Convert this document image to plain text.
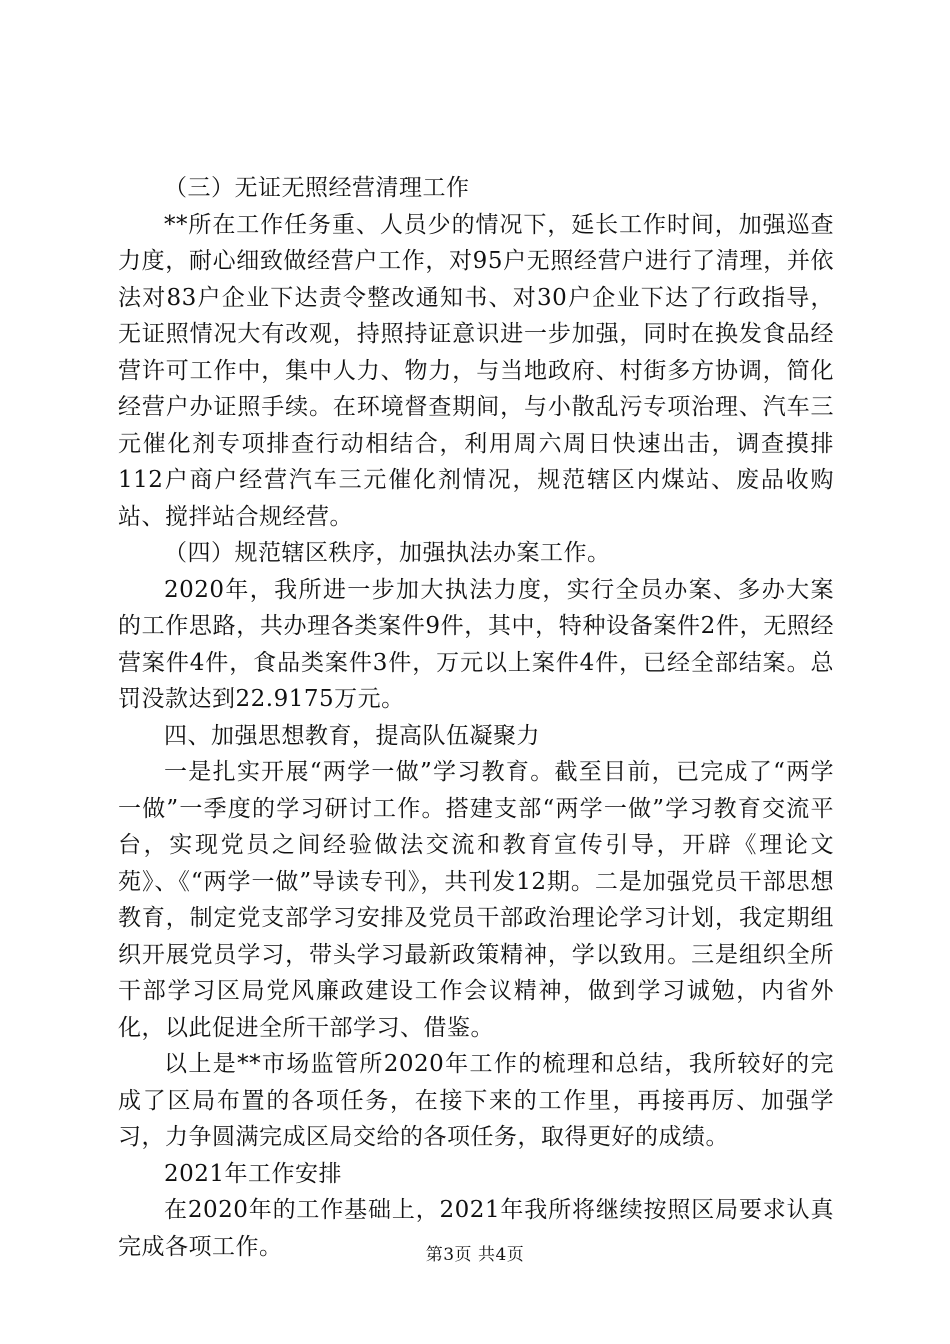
（三）无证无照经营清理工作

**所在工作任务重、人员少的情况下，延长工作时间，加强巡查力度，耐心细致做经营户工作，对95户无照经营户进行了清理，并依法对83户企业下达责令整改通知书、对30户企业下达了行政指导，无证照情况大有改观，持照持证意识进一步加强，同时在换发食品经营许可工作中，集中人力、物力，与当地政府、村街多方协调，简化经营户办证照手续。在环境督查期间，与小散乱污专项治理、汽车三元催化剂专项排查行动相结合，利用周六周日快速出击，调查摸排112户商户经营汽车三元催化剂情况，规范辖区内煤站、废品收购站、搅拌站合规经营。

（四）规范辖区秩序，加强执法办案工作。

2020年，我所进一步加大执法力度，实行全员办案、多办大案的工作思路，共办理各类案件9件，其中，特种设备案件2件，无照经营案件4件，食品类案件3件，万元以上案件4件，已经全部结案。总罚没款达到22.9175万元。

四、加强思想教育，提高队伍凝聚力

一是扎实开展“两学一做”学习教育。截至目前，已完成了“两学一做”一季度的学习研讨工作。搭建支部“两学一做”学习教育交流平台，实现党员之间经验做法交流和教育宣传引导，开辟《理论文苑》、《“两学一做”导读专刊》，共刊发12期。二是加强党员干部思想教育，制定党支部学习安排及党员干部政治理论学习计划，我定期组织开展党员学习，带头学习最新政策精神，学以致用。三是组织全所干部学习区局党风廉政建设工作会议精神，做到学习诚勉，内省外化，以此促进全所干部学习、借鉴。

以上是**市场监管所2020年工作的梳理和总结，我所较好的完成了区局布置的各项任务，在接下来的工作里，再接再厉、加强学习，力争圆满完成区局交给的各项任务，取得更好的成绩。

2021年工作安排

在2020年的工作基础上，2021年我所将继续按照区局要求认真完成各项工作。	第3页 共4页
